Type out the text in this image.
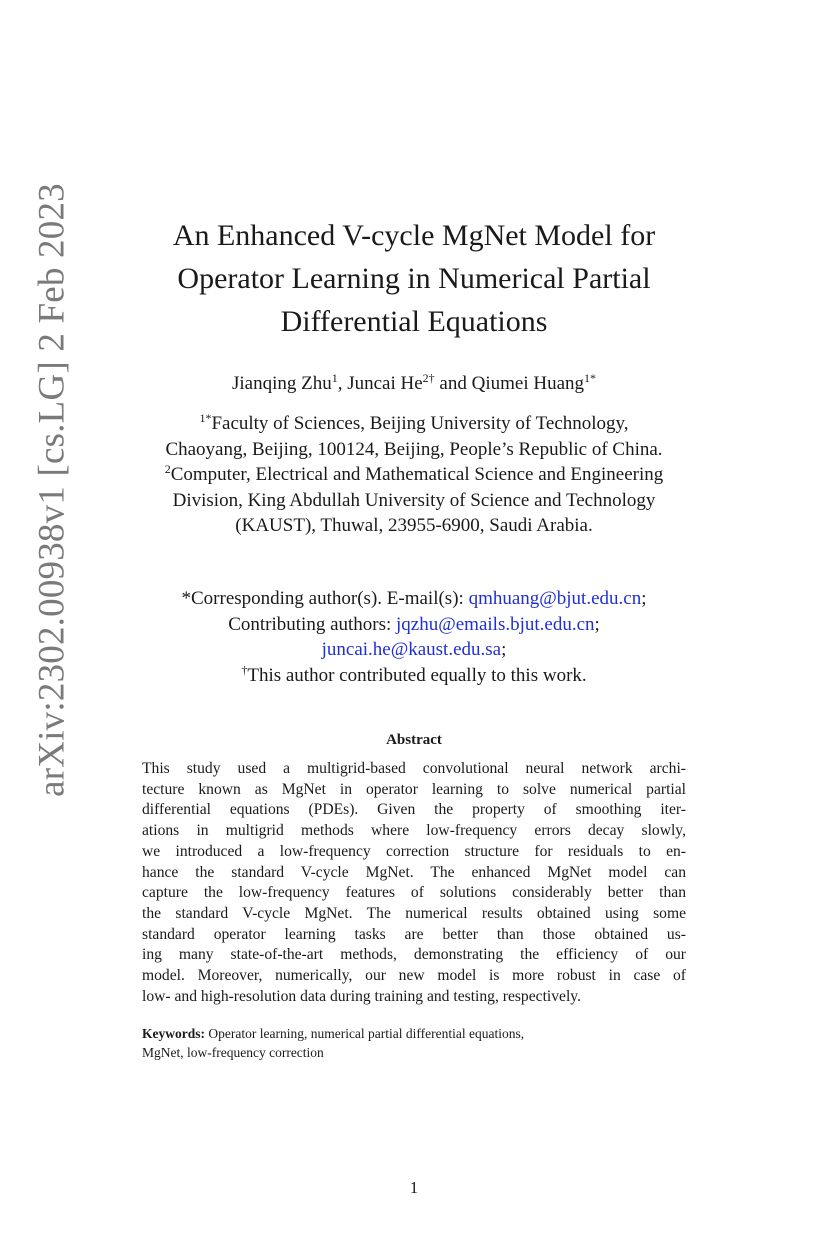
arXiv:2302.00938v1 [cs.LG] 2 Feb 2023	An Enhanced V-cycle MgNet Model for
Operator Learning in Numerical Partial
Differential Equations
Jianqing Zhu$^1$, Juncai $He^{2\dagger}$ and Qiumei Huang$^{1*}$
$^{1*}$Faculty of Sciences, Beijing University of Technology,
Chaoyang, Beijing, 100124, Beijing, People’s Republic of China.
$^2$Computer, Electrical and Mathematical Science and Engineering
Division, King Abdullah University of Science and Technology
(KAUST), Thuwal, 23955-6900, Saudi Arabia.
*Corresponding author(s). E-mail(s): qmhuang@bjut.edu.cn;
Contributing authors: jqzhu@emails.bjut.edu.cn;
juncai.he@kaust.edu.sa;
†This author contributed equally to this work.
Abstract
This study used a multigrid-based convolutional neural network archi-
tecture known as MgNet in operator learning to solve numerical partial
differential equations (PDEs). Given the property of smoothing iter-
ations in multigrid methods where low-frequency errors decay slowly,
we introduced a low-frequency correction structure for residuals to en-
hance the standard V-cycle MgNet. The enhanced MgNet model can
capture the low-frequency features of solutions considerably better than
the standard V-cycle MgNet. The numerical results obtained using some
standard operator learning tasks are better than those obtained us-
ing many state-of-the-art methods, demonstrating the efficiency of our
model. Moreover, numerically, our new model is more robust in case of
low- and high-resolution data during training and testing, respectively.
Keywords: Operator learning, numerical partial differential equations,
MgNet, low-frequency correction
1
